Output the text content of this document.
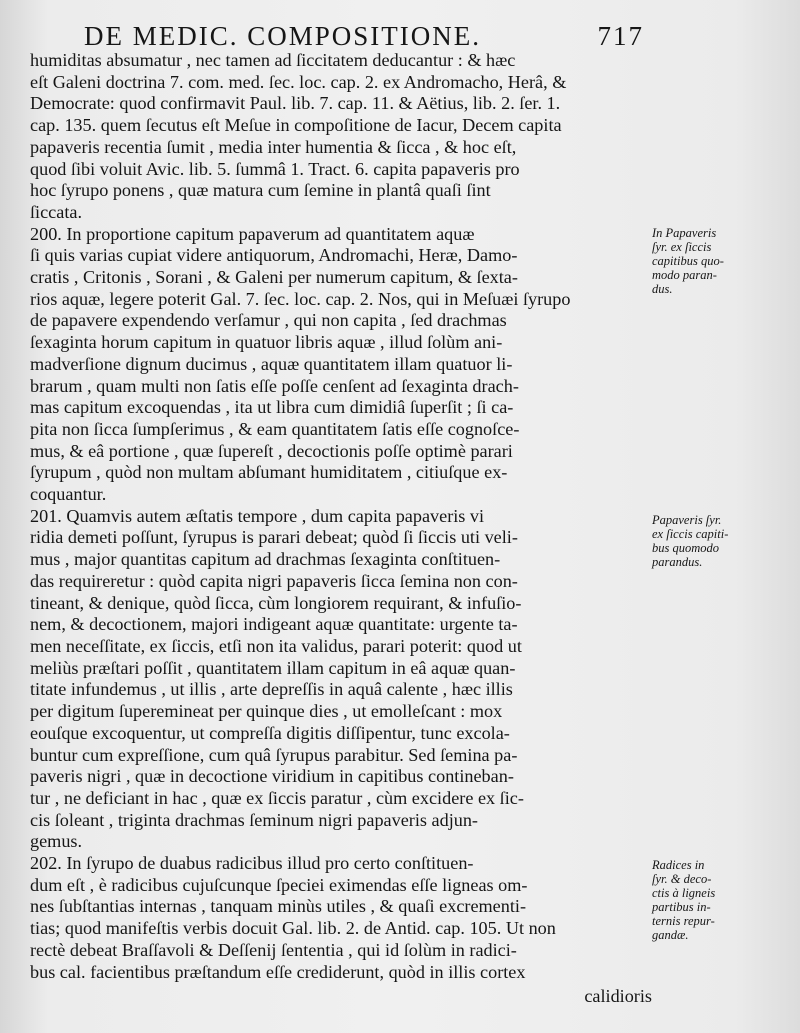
DE MEDIC. COMPOSITIONE.	717
humiditas absumatur , nec tamen ad ſiccitatem deducantur : & hæc
eſt Galeni doctrina 7. com. med. ſec. loc. cap. 2. ex Andromacho, Herâ, &
Democrate: quod confirmavit Paul. lib. 7. cap. 11. & Aëtius, lib. 2. ſer. 1.
cap. 135. quem ſecutus eſt Meſue in compoſitione de Iacur, Decem capita
papaveris recentia ſumit , media inter humentia & ſicca , & hoc eſt,
quod ſibi voluit Avic. lib. 5. ſummâ 1. Tract. 6. capita papaveris pro
hoc ſyrupo ponens , quæ matura cum ſemine in plantâ quaſi ſint
ſiccata.
200. In proportione capitum papaverum ad quantitatem aquæ
ſi quis varias cupiat videre antiquorum, Andromachi, Heræ, Damo-
cratis , Critonis , Sorani , & Galeni per numerum capitum, & ſexta-
rios aquæ, legere poterit Gal. 7. ſec. loc. cap. 2. Nos, qui in Meſuæi ſyrupo
de papavere expendendo verſamur , qui non capita , ſed drachmas
ſexaginta horum capitum in quatuor libris aquæ , illud ſolùm ani-
madverſione dignum ducimus , aquæ quantitatem illam quatuor li-
brarum , quam multi non ſatis eſſe poſſe cenſent ad ſexaginta drach-
mas capitum excoquendas , ita ut libra cum dimidiâ ſuperſit ; ſi ca-
pita non ſicca ſumpſerimus , & eam quantitatem ſatis eſſe cognoſce-
mus, & eâ portione , quæ ſupereſt , decoctionis poſſe optimè parari
ſyrupum , quòd non multam abſumant humiditatem , citiuſque ex-
coquantur.
201. Quamvis autem æſtatis tempore , dum capita papaveris vi
ridia demeti poſſunt, ſyrupus is parari debeat; quòd ſi ſiccis uti veli-
mus , major quantitas capitum ad drachmas ſexaginta conſtituen-
das requireretur : quòd capita nigri papaveris ſicca ſemina non con-
tineant, & denique, quòd ſicca, cùm longiorem requirant, & infuſio-
nem, & decoctionem, majori indigeant aquæ quantitate: urgente ta-
men neceſſitate, ex ſiccis, etſi non ita validus, parari poterit: quod ut
meliùs præſtari poſſit , quantitatem illam capitum in eâ aquæ quan-
titate infundemus , ut illis , arte depreſſis in aquâ calente , hæc illis
per digitum ſupereminеat per quinque dies , ut emolleſcant : mox
eouſque excoquentur, ut compreſſa digitis diſſipentur, tunc excola-
buntur cum expreſſione, cum quâ ſyrupus parabitur. Sed ſemina pa-
paveris nigri , quæ in decoctione viridium in capitibus contineban-
tur , ne deficiant in hac , quæ ex ſiccis paratur , cùm excidere ex ſic-
cis ſoleant , triginta drachmas ſeminum nigri papaveris adjun-
gemus.
202. In ſyrupo de duabus radicibus illud pro certo conſtituen-
dum eſt , è radicibus cujuſcunque ſpeciei eximendas eſſe ligneas om-
nes ſubſtantias internas , tanquam minùs utiles , & quaſi excrementi-
tias; quod manifeſtis verbis docuit Gal. lib. 2. de Antid. cap. 105. Ut non
rectè debeat Braſſavoli & Deſſenij ſententia , qui id ſolùm in radici-
bus cal. facientibus præſtandum eſſe crediderunt, quòd in illis cortex
In Papaveris
ſyr. ex ſiccis
capitibus quo-
modo paran-
dus.
Papaveris ſyr.
ex ſiccis capiti-
bus quomodo
parandus.
Radices in
ſyr. & deco-
ctis à ligneis
partibus in-
ternis repur-
gandæ.
calidioris
